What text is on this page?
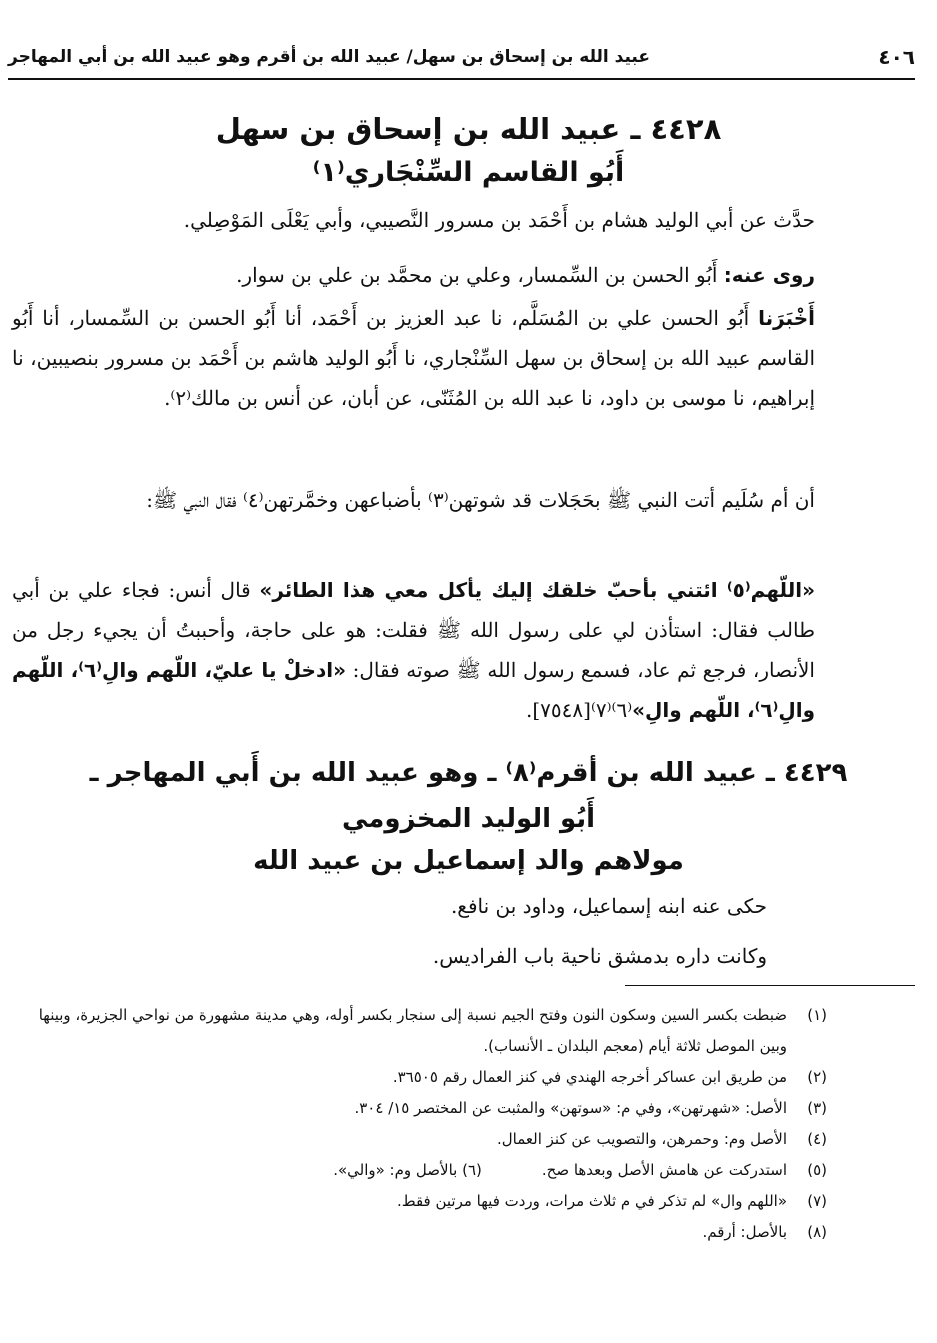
٤٠٦
عبيد الله بن إسحاق بن سهل/ عبيد الله بن أقرم وهو عبيد الله بن أبي المهاجر
٤٤٢٨ ـ عبيد الله بن إسحاق بن سهل
أَبُو القاسم السِّنْجَاري⁽١⁾
حدَّث عن أبي الوليد هشام بن أَحْمَد بن مسرور النَّصيبي، وأبي يَعْلَى المَوْصِلي.
روى عنه: أَبُو الحسن بن السِّمسار، وعلي بن محمَّد بن علي بن سوار.
أَخْبَرَنا أَبُو الحسن علي بن المُسَلَّم، نا عبد العزيز بن أَحْمَد، أنا أَبُو الحسن بن السِّمسار، أنا أَبُو القاسم عبيد الله بن إسحاق بن سهل السِّنْجاري، نا أَبُو الوليد هاشم بن أَحْمَد بن مسرور بنصيبين، نا إبراهيم، نا موسى بن داود، نا عبد الله بن المُثَنّى، عن أبان، عن أنس بن مالك⁽٢⁾.
أن أم سُلَيم أتت النبي ﷺ بحَجَلات قد شوتهن⁽٣⁾ بأضباعهن وخمَّرتهن⁽٤⁾ فقال النبي ﷺ:
«اللّهم⁽٥⁾ ائتني بأحبّ خلقك إليك يأكل معي هذا الطائر» قال أنس: فجاء علي بن أبي طالب فقال: استأذن لي على رسول الله ﷺ فقلت: هو على حاجة، وأحببتُ أن يجيء رجل من الأنصار، فرجع ثم عاد، فسمع رسول الله ﷺ صوته فقال: «ادخلْ يا عليّ، اللّهم والِ⁽٦⁾، اللّهم والِ⁽٦⁾، اللّهم والِ»⁽٦⁾⁽٧⁾[٧٥٤٨].
٤٤٢٩ ـ عبيد الله بن أقرم⁽٨⁾ ـ وهو عبيد الله بن أَبي المهاجر ـ
أَبُو الوليد المخزومي
مولاهم والد إسماعيل بن عبيد الله
حكى عنه ابنه إسماعيل، وداود بن نافع.
وكانت داره بدمشق ناحية باب الفراديس.
(١)
ضبطت بكسر السين وسكون النون وفتح الجيم نسبة إلى سنجار بكسر أوله، وهي مدينة مشهورة من نواحي الجزيرة، وبينها وبين الموصل ثلاثة أيام (معجم البلدان ـ الأنساب).
(٢)
من طريق ابن عساكر أخرجه الهندي في كنز العمال رقم ٣٦٥٠٥.
(٣)
الأصل: «شهرتهن»، وفي م: «سوتهن» والمثبت عن المختصر ١٥/ ٣٠٤.
(٤)
الأصل وم: وحمرهن، والتصويب عن كنز العمال.
(٥)
استدركت عن هامش الأصل وبعدها صح.
(٦) بالأصل وم: «والي».
(٧)
«اللهم وال» لم تذكر في م ثلاث مرات، وردت فيها مرتين فقط.
(٨)
بالأصل: أرقم.
